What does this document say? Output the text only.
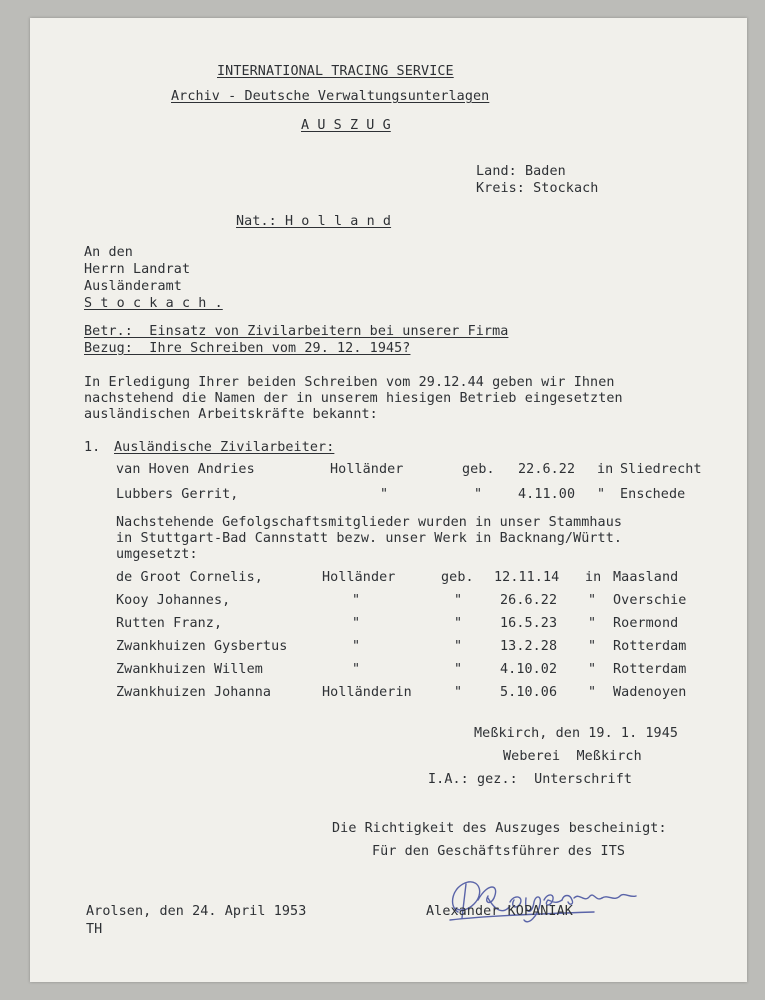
INTERNATIONAL TRACING SERVICE
Archiv - Deutsche Verwaltungsunterlagen
A U S Z U G
Land: Baden
Kreis: Stockach
Nat.: H o l l a n d
An den
Herrn Landrat
Ausländeramt
S t o c k a c h .
Betr.:  Einsatz von Zivilarbeitern bei unserer Firma
Bezug:  Ihre Schreiben vom 29. 12. 1945?
In Erledigung Ihrer beiden Schreiben vom 29.12.44 geben wir Ihnen
nachstehend die Namen der in unserem hiesigen Betrieb eingesetzten
ausländischen Arbeitskräfte bekannt:
1. Ausländische Zivilarbeiter:
van Hoven Andries	Holländer	geb. 22.6.22 in Sliedrecht
Lubbers Gerrit,	"	"	4.11.00 " Enschede
Nachstehende Gefolgschaftsmitglieder wurden in unser Stammhaus
in Stuttgart-Bad Cannstatt bezw. unser Werk in Backnang/Württ.
umgesetzt:
de Groot Cornelis,	Holländer	geb. 12.11.14 in Maasland
Kooy Johannes,	"	"	26.6.22 " Overschie
Rutten Franz,	"	"	16.5.23 " Roermond
Zwankhuizen Gysbertus	"	"	13.2.28 " Rotterdam
Zwankhuizen Willem	"	"	4.10.02 " Rotterdam
Zwankhuizen Johanna	Holländerin	"	5.10.06 " Wadenoyen
Meßkirch, den 19. 1. 1945
Weberei  Meßkirch
I.A.: gez.:  Unterschrift
Die Richtigkeit des Auszuges bescheinigt:
Für den Geschäftsführer des ITS
Arolsen, den 24. April 1953
TH
Alexander KOPANIAK
